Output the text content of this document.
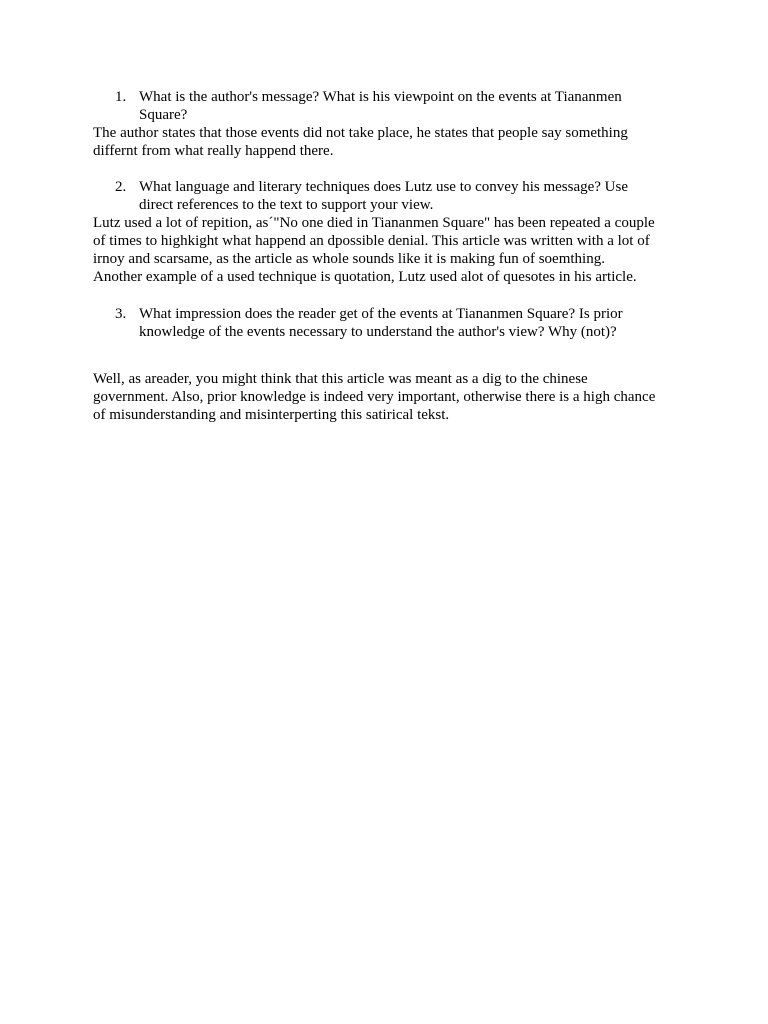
1. What is the author's message? What is his viewpoint on the events at Tiananmen
Square?
The author states that those events did not take place, he states that people say something
differnt from what really happend there.
2. What language and literary techniques does Lutz use to convey his message? Use
direct references to the text to support your view.
Lutz used a lot of repition, as´"No one died in Tiananmen Square" has been repeated a couple
of times to highkight what happend an dpossible denial. This article was written with a lot of
irnoy and scarsame, as the article as whole sounds like it is making fun of soemthing.
Another example of a used technique is quotation, Lutz used alot of quesotes in his article.
3. What impression does the reader get of the events at Tiananmen Square? Is prior
knowledge of the events necessary to understand the author's view? Why (not)?
Well, as areader, you might think that this article was meant as a dig to the chinese
government. Also, prior knowledge is indeed very important, otherwise there is a high chance
of misunderstanding and misinterperting this satirical tekst.
